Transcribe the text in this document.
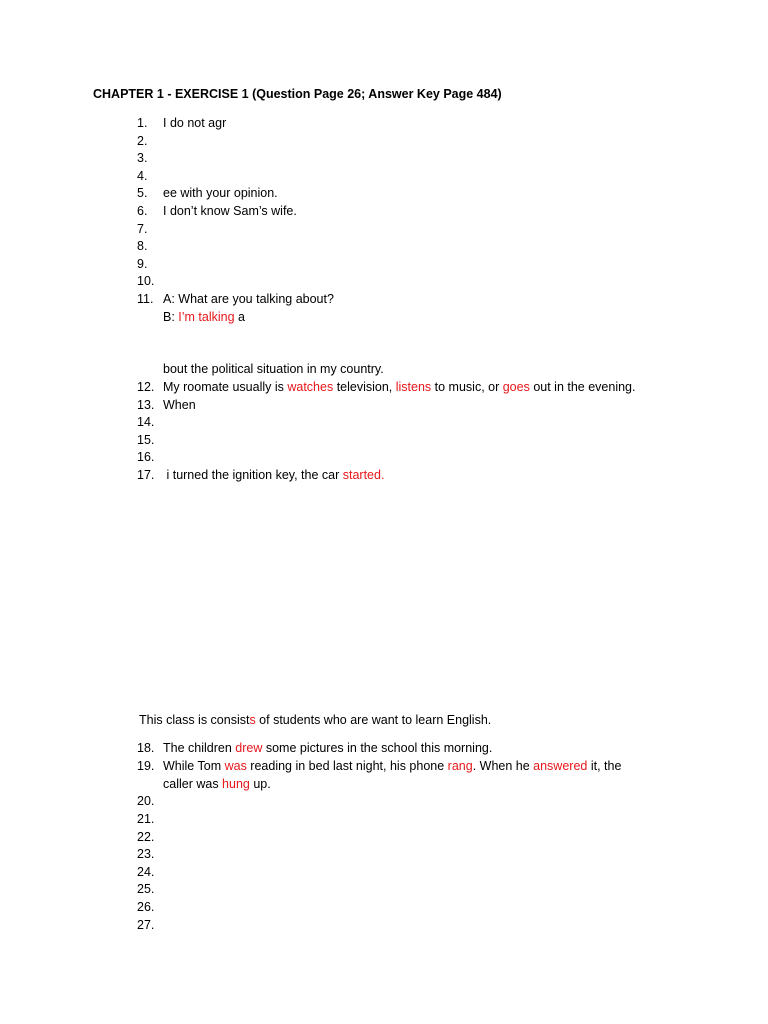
CHAPTER 1 - EXERCISE 1 (Question Page 26; Answer Key Page 484)
1. I do not agr
2.
3.
4.
5. ee with your opinion.
6. I don’t know Sam’s wife.
7.
8.
9.
10.
11. A: What are you talking about?
B: I’m talking a
bout the political situation in my country.
12. My roomate usually is watches television, listens to music, or goes out in the evening.
13. When
14.
15.
16.
17. i turned the ignition key, the car started.
This class is consists of students who are want to learn English.
18. The children drew some pictures in the school this morning.
19. While Tom was reading in bed last night, his phone rang. When he answered it, the
caller was hung up.
20.
21.
22.
23.
24.
25.
26.
27.
